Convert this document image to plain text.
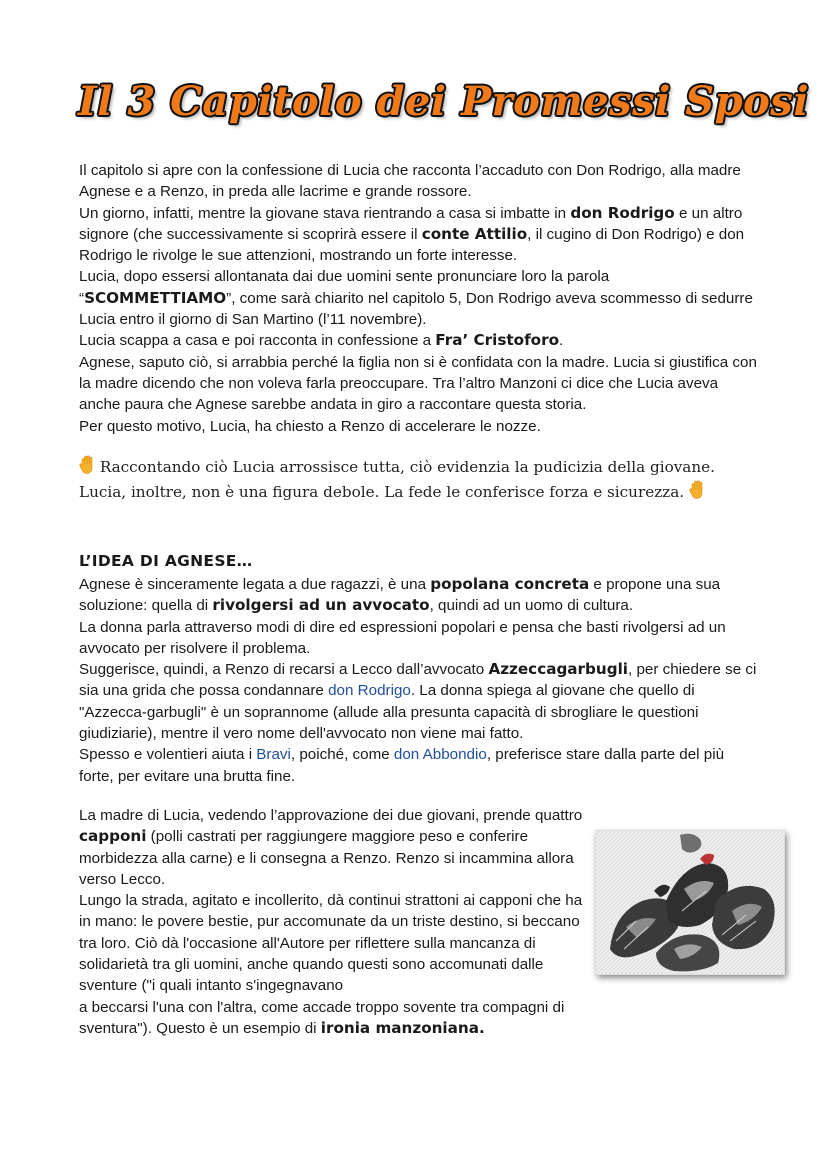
Il 3 Capitolo dei Promessi Sposi

Il capitolo si apre con la confessione di Lucia che racconta l’accaduto con Don Rodrigo, alla madre Agnese e a Renzo, in preda alle lacrime e grande rossore.

Un giorno, infatti, mentre la giovane stava rientrando a casa si imbatte in don Rodrigo e un altro signore (che successivamente si scoprirà essere il conte Attilio, il cugino di Don Rodrigo) e don Rodrigo le rivolge le sue attenzioni, mostrando un forte interesse.

Lucia, dopo essersi allontanata dai due uomini sente pronunciare loro la parola “SCOMMETTIAMO”, come sarà chiarito nel capitolo 5, Don Rodrigo aveva scommesso di sedurre Lucia entro il giorno di San Martino (l’11 novembre).

Lucia scappa a casa e poi racconta in confessione a Fra’ Cristoforo.

Agnese, saputo ciò, si arrabbia perché la figlia non si è confidata con la madre. Lucia si giustifica con la madre dicendo che non voleva farla preoccupare. Tra l’altro Manzoni ci dice che Lucia aveva anche paura che Agnese sarebbe andata in giro a raccontare questa storia.

Per questo motivo, Lucia, ha chiesto a Renzo di accelerare le nozze.

Raccontando ciò Lucia arrossisce tutta, ciò evidenzia la pudicizia della giovane. Lucia, inoltre, non è una figura debole. La fede le conferisce forza e sicurezza.
L’IDEA DI AGNESE…

Agnese è sinceramente legata a due ragazzi, è una popolana concreta e propone una sua soluzione: quella di rivolgersi ad un avvocato, quindi ad un uomo di cultura.

La donna parla attraverso modi di dire ed espressioni popolari e pensa che basti rivolgersi ad un avvocato per risolvere il problema.

Suggerisce, quindi, a Renzo di recarsi a Lecco dall’avvocato Azzeccagarbugli, per chiedere se ci sia una grida che possa condannare don Rodrigo. La donna spiega al giovane che quello di "Azzecca-garbugli" è un soprannome (allude alla presunta capacità di sbrogliare le questioni giudiziarie), mentre il vero nome dell'avvocato non viene mai fatto.

Spesso e volentieri aiuta i Bravi, poiché, come don Abbondio, preferisce stare dalla parte del più forte, per evitare una brutta fine.

La madre di Lucia, vedendo l’approvazione dei due giovani, prende quattro capponi (polli castrati per raggiungere maggiore peso e conferire morbidezza alla carne) e li consegna a Renzo. Renzo si incammina allora verso Lecco.

Lungo la strada, agitato e incollerito, dà continui strattoni ai capponi che ha in mano: le povere bestie, pur accomunate da un triste destino, si beccano tra loro. Ciò dà l'occasione all'Autore per riflettere sulla mancanza di solidarietà tra gli uomini, anche quando questi sono accomunati dalle sventure ("i quali intanto s'ingegnavano

a beccarsi l'una con l'altra, come accade troppo sovente tra compagni di sventura"). Questo è un esempio di ironia manzoniana.
